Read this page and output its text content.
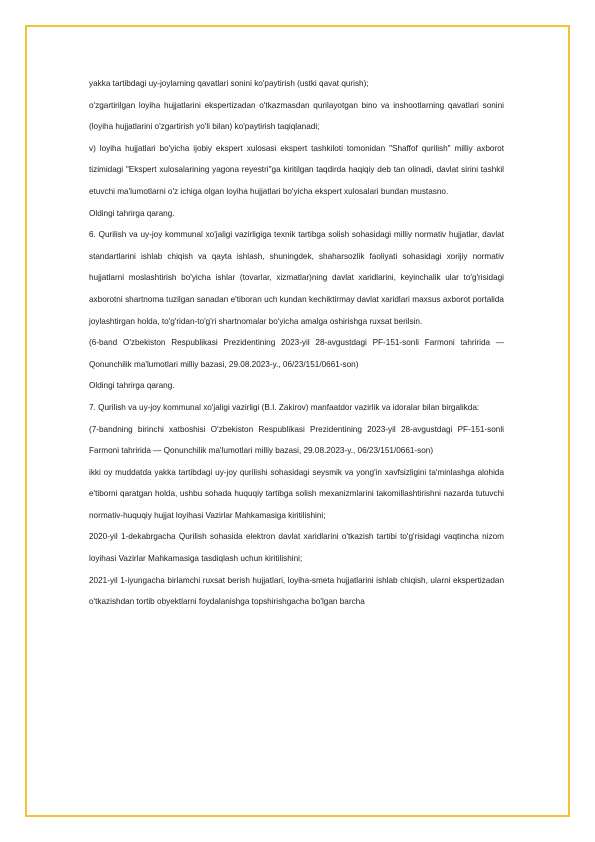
yakka tartibdagi uy-joylarning qavatlari sonini ko'paytirish (ustki qavat qurish);

o'zgartirilgan loyiha hujjatlarini ekspertizadan o'tkazmasdan qurilayotgan bino va inshootlarning qavatlari sonini (loyiha hujjatlarini o'zgartirish yo'li bilan) ko'paytirish taqiqlanadi;

v) loyiha hujjatlari bo'yicha ijobiy ekspert xulosasi ekspert tashkiloti tomonidan "Shaffof qurilish" milliy axborot tizimidagi "Ekspert xulosalarining yagona reyestri"ga kiritilgan taqdirda haqiqiy deb tan olinadi, davlat sirini tashkil etuvchi ma'lumotlarni o'z ichiga olgan loyiha hujjatlari bo'yicha ekspert xulosalari bundan mustasno.

Oldingi tahrirga qarang.

6. Qurilish va uy-joy kommunal xo'jaligi vazirligiga texnik tartibga solish sohasidagi milliy normativ hujjatlar, davlat standartlarini ishlab chiqish va qayta ishlash, shuningdek, shaharsozlik faoliyati sohasidagi xorijiy normativ hujjatlarni moslashtirish bo'yicha ishlar (tovarlar, xizmatlar)ning davlat xaridlarini, keyinchalik ular to'g'risidagi axborotni shartnoma tuzilgan sanadan e'tiboran uch kundan kechiktirmay davlat xaridlari maxsus axborot portalida joylashtirgan holda, to'g'ridan-to'g'ri shartnomalar bo'yicha amalga oshirishga ruxsat berilsin.

(6-band O'zbekiston Respublikasi Prezidentining 2023-yil 28-avgustdagi PF-151-sonli Farmoni tahririda — Qonunchilik ma'lumotlari milliy bazasi, 29.08.2023-y., 06/23/151/0661-son)

Oldingi tahrirga qarang.

7. Qurilish va uy-joy kommunal xo'jaligi vazirligi (B.I. Zakirov) manfaatdor vazirlik va idoralar bilan birgalikda:

(7-bandning birinchi xatboshisi O'zbekiston Respublikasi Prezidentining 2023-yil 28-avgustdagi PF-151-sonli Farmoni tahririda — Qonunchilik ma'lumotlari milliy bazasi, 29.08.2023-y., 06/23/151/0661-son)

ikki oy muddatda yakka tartibdagi uy-joy qurilishi sohasidagi seysmik va yong'in xavfsizligini ta'minlashga alohida e'tiborni qaratgan holda, ushbu sohada huquqiy tartibga solish mexanizmlarini takomillashtirishni nazarda tutuvchi normativ-huquqiy hujjat loyihasi Vazirlar Mahkamasiga kiritilishini;

2020-yil 1-dekabrgacha Qurilish sohasida elektron davlat xaridlarini o'tkazish tartibi to'g'risidagi vaqtincha nizom loyihasi Vazirlar Mahkamasiga tasdiqlash uchun kiritilishini;

2021-yil 1-iyungacha birlamchi ruxsat berish hujjatlari, loyiha-smeta hujjatlarini ishlab chiqish, ularni ekspertizadan o'tkazishdan tortib obyektlarni foydalanishga topshirishgacha bo'lgan barcha
